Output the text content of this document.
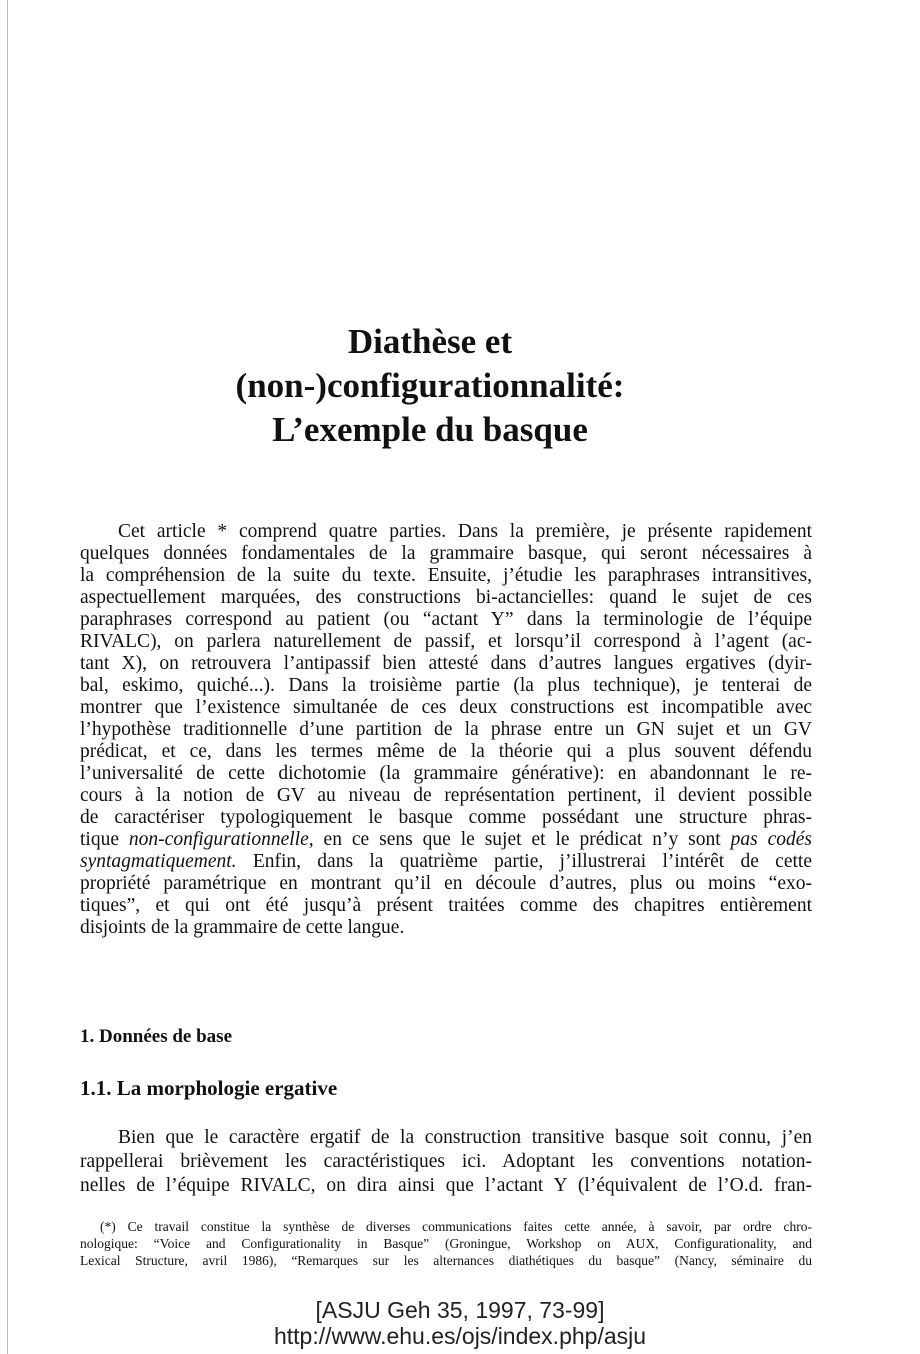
Diathèse et
(non-)configurationnalité:
L’exemple du basque
Cet article * comprend quatre parties. Dans la première, je présente rapidement
quelques données fondamentales de la grammaire basque, qui seront nécessaires à
la compréhension de la suite du texte. Ensuite, j’étudie les paraphrases intransitives,
aspectuellement marquées, des constructions bi-actancielles: quand le sujet de ces
paraphrases correspond au patient (ou “actant Y” dans la terminologie de l’équipe
RIVALC), on parlera naturellement de passif, et lorsqu’il correspond à l’agent (ac-
tant X), on retrouvera l’antipassif bien attesté dans d’autres langues ergatives (dyir-
bal, eskimo, quiché...). Dans la troisième partie (la plus technique), je tenterai de
montrer que l’existence simultanée de ces deux constructions est incompatible avec
l’hypothèse traditionnelle d’une partition de la phrase entre un GN sujet et un GV
prédicat, et ce, dans les termes même de la théorie qui a plus souvent défendu
l’universalité de cette dichotomie (la grammaire générative): en abandonnant le re-
cours à la notion de GV au niveau de représentation pertinent, il devient possible
de caractériser typologiquement le basque comme possédant une structure phras-
tique non-configurationnelle, en ce sens que le sujet et le prédicat n’y sont pas codés
syntagmatiquement. Enfin, dans la quatrième partie, j’illustrerai l’intérêt de cette
propriété paramétrique en montrant qu’il en découle d’autres, plus ou moins “exo-
tiques”, et qui ont été jusqu’à présent traitées comme des chapitres entièrement
disjoints de la grammaire de cette langue.
1. Données de base
1.1. La morphologie ergative
Bien que le caractère ergatif de la construction transitive basque soit connu, j’en
rappellerai brièvement les caractéristiques ici. Adoptant les conventions notation-
nelles de l’équipe RIVALC, on dira ainsi que l’actant Y (l’équivalent de l’O.d. fran-
(*) Ce travail constitue la synthèse de diverses communications faites cette année, à savoir, par ordre chro-
nologique: “Voice and Configurationality in Basque” (Groningue, Workshop on AUX, Configurationality, and
Lexical Structure, avril 1986), “Remarques sur les alternances diathétiques du basque” (Nancy, séminaire du
[ASJU Geh 35, 1997, 73-99]
http://www.ehu.es/ojs/index.php/asju
